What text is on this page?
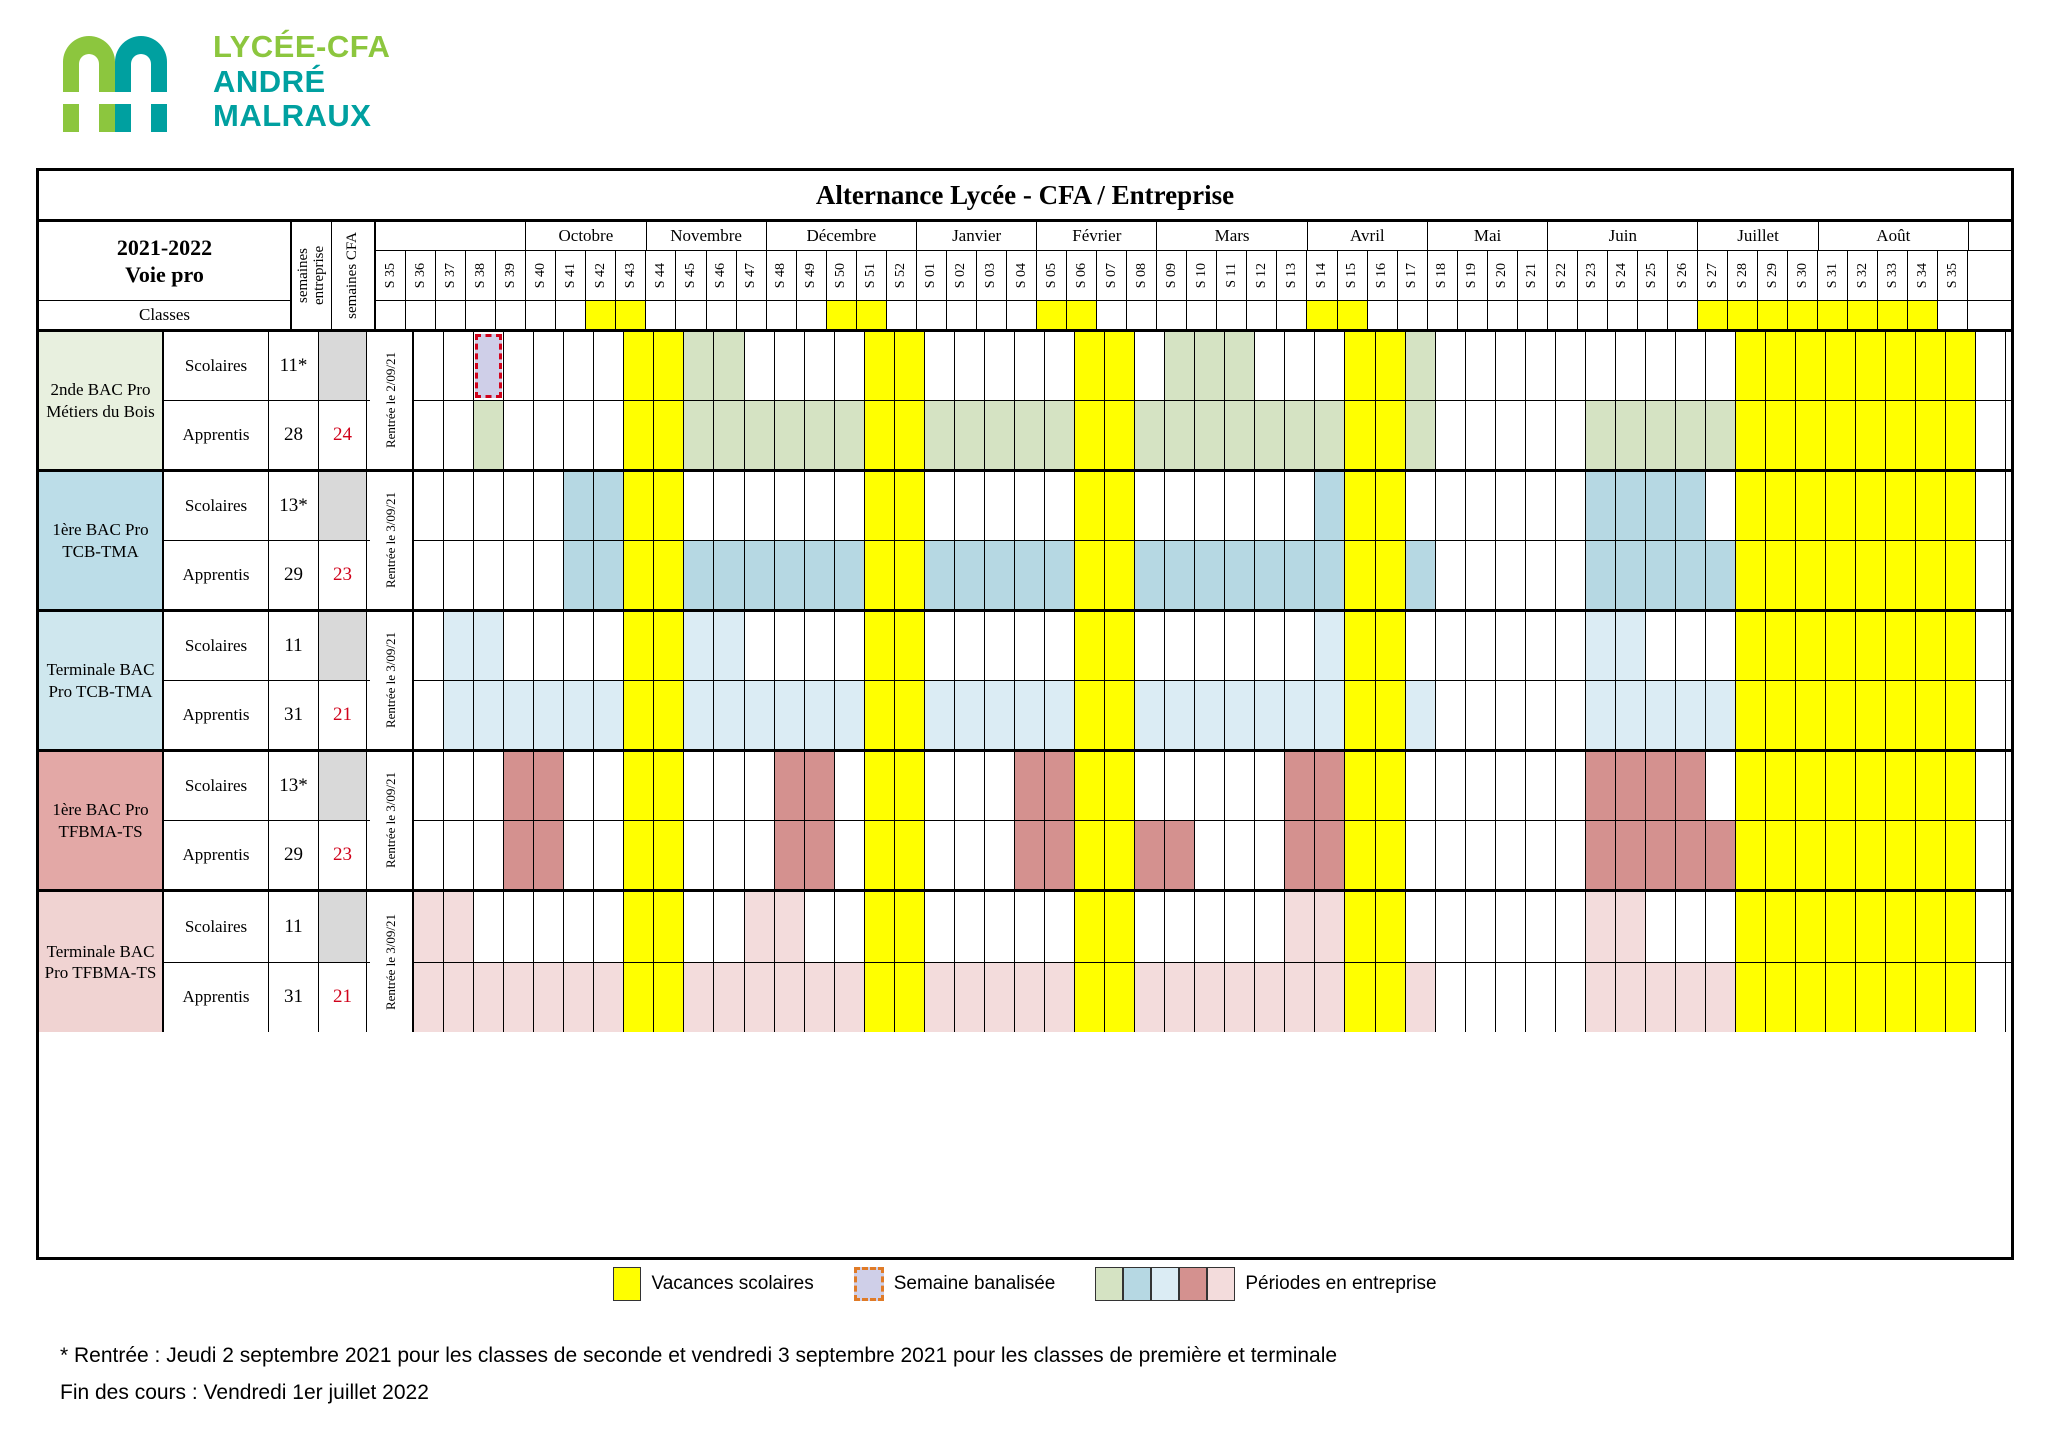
LYCÉE-CFA
ANDRÉ
MALRAUX
Alternance Lycée - CFA / Entreprise
2021-2022
Voie pro
Classes
semaines entreprise semaines CFA	Octobre	Novembre	Décembre	Janvier	Février	Mars	Avril	Mai	Juin	Juillet	Août
S 35 S 36 S 37 S 38 S 39 S 40 S 41 S 42 S 43 S 44 S 45 S 46 S 47 S 48 S 49 S 50 S 51 S 52 S 01 S 02 S 03 S 04 S 05 S 06 S 07 S 08 S 09 S 10 S 11 S 12 S 13 S 14 S 15 S 16 S 17 S 18 S 19 S 20 S 21 S 22 S 23 S 24 S 25 S 26 S 27 S 28 S 29 S 30 S 31 S 32 S 33 S 34 S 35
2nde BAC Pro Métiers du Bois
Scolaires	11*
Apprentis	28	24	Rentrée le 2/09/21
1ère BAC Pro TCB-TMA
Scolaires	13*
Apprentis	29	23	Rentrée le 3/09/21
Terminale BAC Pro TCB-TMA
Scolaires	11
Apprentis	31	21	Rentrée le 3/09/21
1ère BAC Pro TFBMA-TS
Scolaires	13*
Apprentis	29	23	Rentrée le 3/09/21
Terminale BAC Pro TFBMA-TS
Scolaires	11
Apprentis	31	21	Rentrée le 3/09/21
Vacances scolaires	Semaine banalisée	Périodes en entreprise
* Rentrée : Jeudi 2 septembre 2021 pour les classes de seconde et vendredi 3 septembre 2021 pour les classes de première et terminale
Fin des cours : Vendredi 1er juillet 2022
